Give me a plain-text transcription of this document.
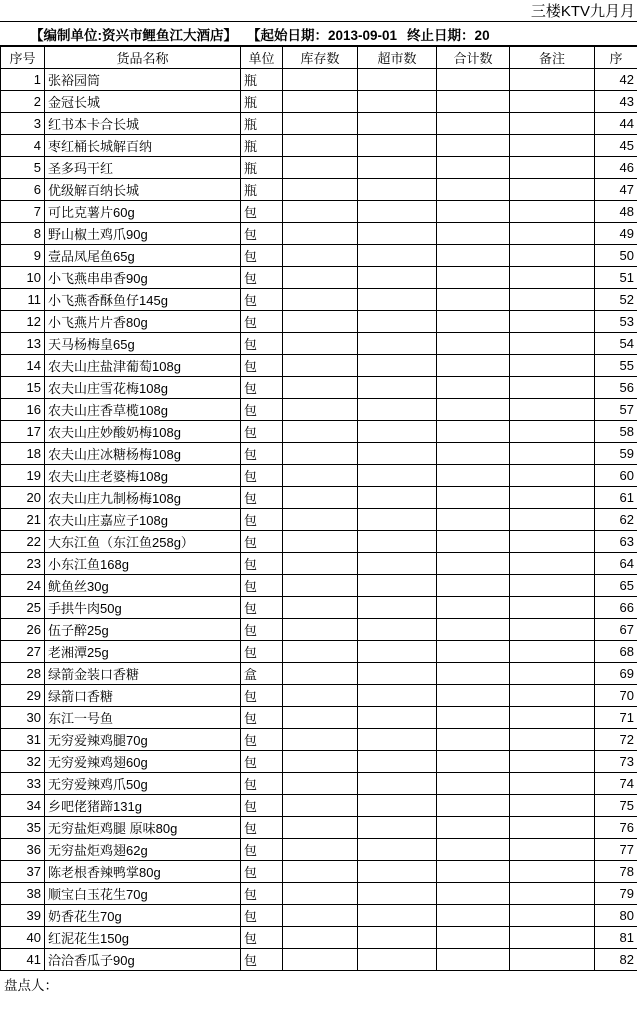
三楼KTV九月月
【编制单位:资兴市鲤鱼江大酒店】 【起始日期：2013-09-01 终止日期：20
序号	货品名称	单位	库存数	超市数	合计数	备注	序
1	张裕园筒	瓶					42
2	金冠长城	瓶					43
3	红书本卡合长城	瓶					44
4	枣红桶长城解百纳	瓶					45
5	圣多玛干红	瓶					46
6	优级解百纳长城	瓶					47
7	可比克薯片60g	包					48
8	野山椒土鸡爪90g	包					49
9	壹品凤尾鱼65g	包					50
10	小飞燕串串香90g	包					51
11	小飞燕香酥鱼仔145g	包					52
12	小飞燕片片香80g	包					53
13	天马杨梅皇65g	包					54
14	农夫山庄盐津葡萄108g	包					55
15	农夫山庄雪花梅108g	包					56
16	农夫山庄香草榄108g	包					57
17	农夫山庄妙酸奶梅108g	包					58
18	农夫山庄冰糖杨梅108g	包					59
19	农夫山庄老婆梅108g	包					60
20	农夫山庄九制杨梅108g	包					61
21	农夫山庄嘉应子108g	包					62
22	大东江鱼（东江鱼258g）	包					63
23	小东江鱼168g	包					64
24	鱿鱼丝30g	包					65
25	手拱牛肉50g	包					66
26	伍子醉25g	包					67
27	老湘潭25g	包					68
28	绿箭金装口香糖	盒					69
29	绿箭口香糖	包					70
30	东江一号鱼	包					71
31	无穷爱辣鸡腿70g	包					72
32	无穷爱辣鸡翅60g	包					73
33	无穷爱辣鸡爪50g	包					74
34	乡吧佬猪蹄131g	包					75
35	无穷盐炬鸡腿 原味80g	包					76
36	无穷盐炬鸡翅62g	包					77
37	陈老根香辣鸭掌80g	包					78
38	顺宝白玉花生70g	包					79
39	奶香花生70g	包					80
40	红泥花生150g	包					81
41	洽洽香瓜子90g	包					82
盘点人：
